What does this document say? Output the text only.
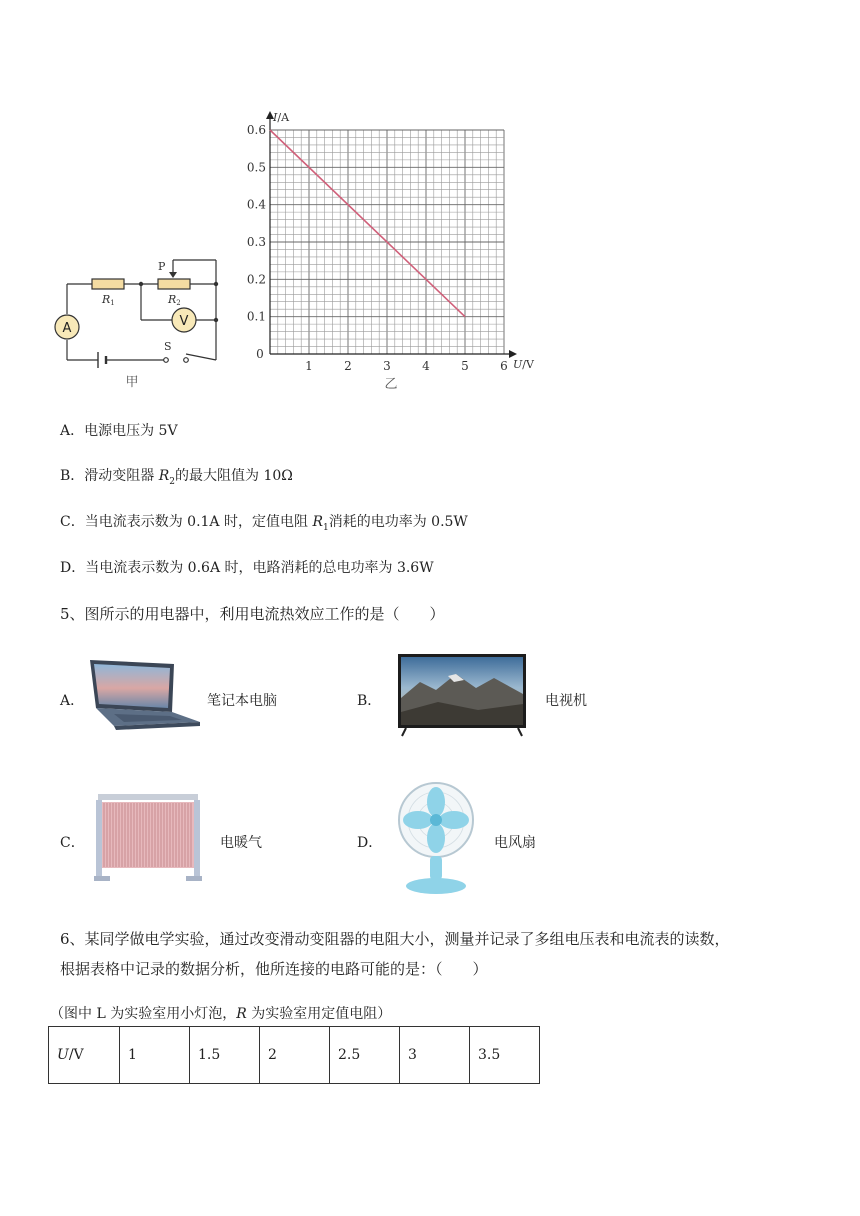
A	V
R1	R2
P
S
甲
1	2	3	4	5	6
0.1
0.2
0.3
0.4
0.5
0.6
I/A
U/V
0
乙
A．电源电压为 5V
B．滑动变阻器 $R_2$的最大阻值为 10Ω
C．当电流表示数为 0.1A 时，定值电阻 $R_1$消耗的电功率为 0.5W
D．当电流表示数为 0.6A 时，电路消耗的总电功率为 3.6W
5、图所示的用电器中，利用电流热效应工作的是（　　）
A．	笔记本电脑	B．	电视机
C．	电暖气	D．	电风扇
6、某同学做电学实验，通过改变滑动变阻器的电阻大小，测量并记录了多组电压表和电流表的读数，
根据表格中记录的数据分析，他所连接的电路可能的是：（　　）
（图中 L 为实验室用小灯泡，R 为实验室用定值电阻）
U/V	1	1.5	2	2.5	3	3.5
